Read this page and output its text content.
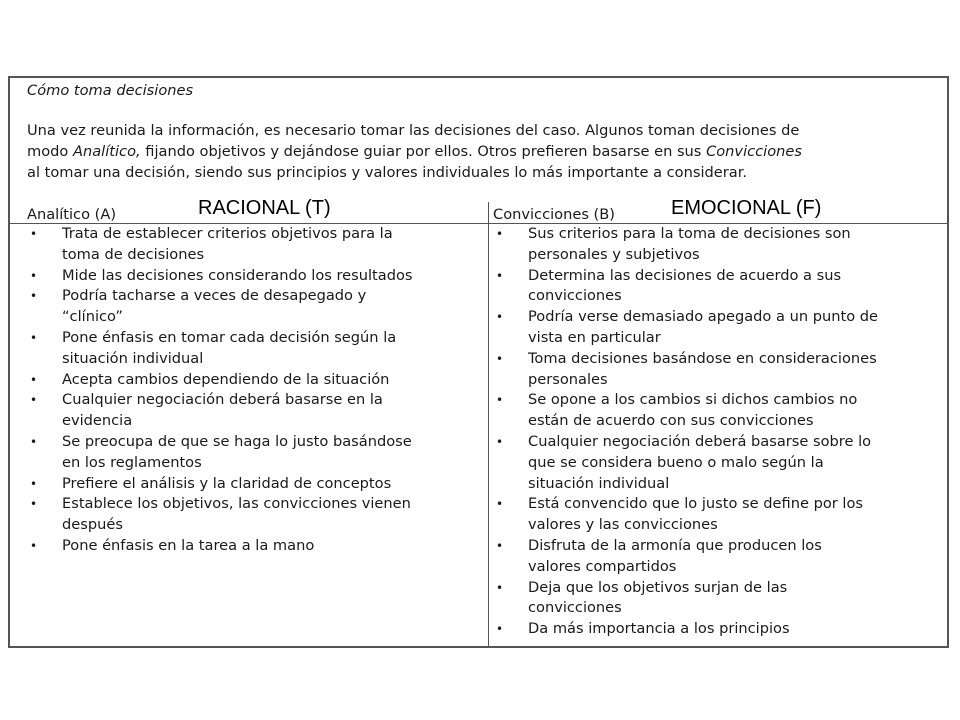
Cómo toma decisiones
Una vez reunida la información, es necesario tomar las decisiones del caso. Algunos toman decisiones de
modo Analítico, fijando objetivos y dejándose guiar por ellos. Otros prefieren basarse en sus Convicciones
al tomar una decisión, siendo sus principios y valores individuales lo más importante a considerar.
Analítico (A)	Convicciones (B)
RACIONAL (T)	EMOCIONAL (F)
• Trata de establecer criterios objetivos para la
toma de decisiones
• Mide las decisiones considerando los resultados
• Podría tacharse a veces de desapegado y
“clínico”
• Pone énfasis en tomar cada decisión según la
situación individual
• Acepta cambios dependiendo de la situación
• Cualquier negociación deberá basarse en la
evidencia
• Se preocupa de que se haga lo justo basándose
en los reglamentos
• Prefiere el análisis y la claridad de conceptos
• Establece los objetivos, las convicciones vienen
después
• Pone énfasis en la tarea a la mano
• Sus criterios para la toma de decisiones son
personales y subjetivos
• Determina las decisiones de acuerdo a sus
convicciones
• Podría verse demasiado apegado a un punto de
vista en particular
• Toma decisiones basándose en consideraciones
personales
• Se opone a los cambios si dichos cambios no
están de acuerdo con sus convicciones
• Cualquier negociación deberá basarse sobre lo
que se considera bueno o malo según la
situación individual
• Está convencido que lo justo se define por los
valores y las convicciones
• Disfruta de la armonía que producen los
valores compartidos
• Deja que los objetivos surjan de las
convicciones
• Da más importancia a los principios
